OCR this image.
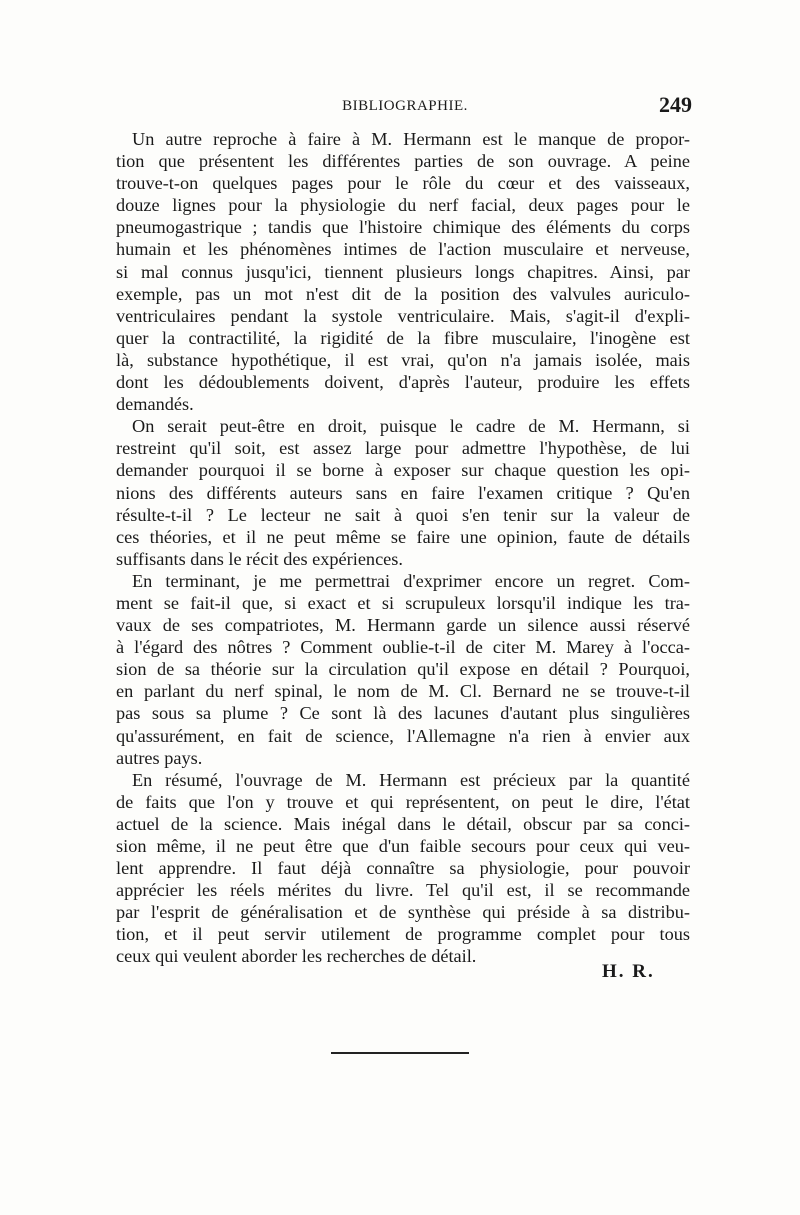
BIBLIOGRAPHIE.	249

Un autre reproche à faire à M. Hermann est le manque de propor-
tion que présentent les différentes parties de son ouvrage. A peine
trouve-t-on quelques pages pour le rôle du cœur et des vaisseaux,
douze lignes pour la physiologie du nerf facial, deux pages pour le
pneumogastrique ; tandis que l'histoire chimique des éléments du corps
humain et les phénomènes intimes de l'action musculaire et nerveuse,
si mal connus jusqu'ici, tiennent plusieurs longs chapitres. Ainsi, par
exemple, pas un mot n'est dit de la position des valvules auriculo-
ventriculaires pendant la systole ventriculaire. Mais, s'agit-il d'expli-
quer la contractilité, la rigidité de la fibre musculaire, l'inogène est
là, substance hypothétique, il est vrai, qu'on n'a jamais isolée, mais
dont les dédoublements doivent, d'après l'auteur, produire les effets
demandés.

On serait peut-être en droit, puisque le cadre de M. Hermann, si
restreint qu'il soit, est assez large pour admettre l'hypothèse, de lui
demander pourquoi il se borne à exposer sur chaque question les opi-
nions des différents auteurs sans en faire l'examen critique ? Qu'en
résulte-t-il ? Le lecteur ne sait à quoi s'en tenir sur la valeur de
ces théories, et il ne peut même se faire une opinion, faute de détails
suffisants dans le récit des expériences.

En terminant, je me permettrai d'exprimer encore un regret. Com-
ment se fait-il que, si exact et si scrupuleux lorsqu'il indique les tra-
vaux de ses compatriotes, M. Hermann garde un silence aussi réservé
à l'égard des nôtres ? Comment oublie-t-il de citer M. Marey à l'occa-
sion de sa théorie sur la circulation qu'il expose en détail ? Pourquoi,
en parlant du nerf spinal, le nom de M. Cl. Bernard ne se trouve-t-il
pas sous sa plume ? Ce sont là des lacunes d'autant plus singulières
qu'assurément, en fait de science, l'Allemagne n'a rien à envier aux
autres pays.

En résumé, l'ouvrage de M. Hermann est précieux par la quantité
de faits que l'on y trouve et qui représentent, on peut le dire, l'état
actuel de la science. Mais inégal dans le détail, obscur par sa conci-
sion même, il ne peut être que d'un faible secours pour ceux qui veu-
lent apprendre. Il faut déjà connaître sa physiologie, pour pouvoir
apprécier les réels mérites du livre. Tel qu'il est, il se recommande
par l'esprit de généralisation et de synthèse qui préside à sa distribu-
tion, et il peut servir utilement de programme complet pour tous
ceux qui veulent aborder les recherches de détail.

H. R.
